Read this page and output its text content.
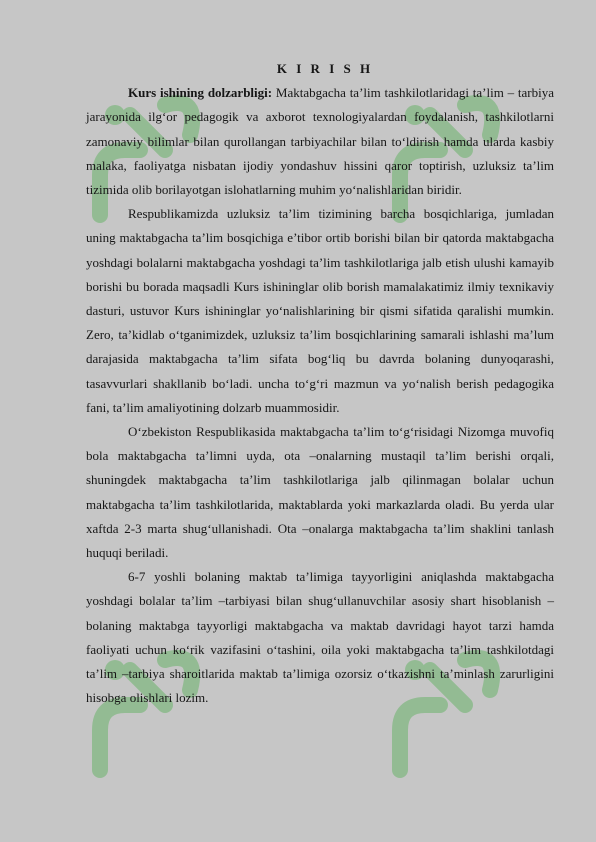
K I R I S H

Kurs ishining dolzarbligi: Maktabgacha ta’lim tashkilotlaridagi ta’lim – tarbiya jarayonida ilg‘or pedagogik va axborot texnologiyalardan foydalanish, tashkilotlarni zamonaviy bilimlar bilan qurollangan tarbiyachilar bilan to‘ldirish hamda ularda kasbiy malaka, faoliyatga nisbatan ijodiy yondashuv hissini qaror toptirish, uzluksiz ta’lim tizimida olib borilayotgan islohatlarning muhim yo‘nalishlaridan biridir.

Respublikamizda uzluksiz ta’lim tizimining barcha bosqichlariga, jumladan uning maktabgacha ta’lim bosqichiga e’tibor ortib borishi bilan bir qatorda maktabgacha yoshdagi bolalarni maktabgacha yoshdagi ta’lim tashkilotlariga jalb etish ulushi kamayib borishi bu borada maqsadli Kurs ishininglar olib borish mamalakatimiz ilmiy texnikaviy dasturi, ustuvor Kurs ishininglar yo‘nalishlarining bir qismi sifatida qaralishi mumkin. Zero, ta’kidlab o‘tganimizdek, uzluksiz ta’lim bosqichlarining samarali ishlashi ma’lum darajasida maktabgacha ta’lim sifata bog‘liq bu davrda bolaning dunyoqarashi, tasavvurlari shakllanib bo‘ladi. uncha to‘g‘ri mazmun va yo‘nalish berish pedagogika fani, ta’lim amaliyotining dolzarb muammosidir.

O‘zbekiston Respublikasida maktabgacha ta’lim to‘g‘risidagi Nizomga muvofiq bola maktabgacha ta’limni uyda, ota –onalarning mustaqil ta’lim berishi orqali, shuningdek maktabgacha ta’lim tashkilotlariga jalb qilinmagan bolalar uchun maktabgacha ta’lim tashkilotlarida, maktablarda yoki markazlarda oladi. Bu yerda ular xaftda 2-3 marta shug‘ullanishadi. Ota –onalarga maktabgacha ta’lim shaklini tanlash huquqi beriladi.

6-7 yoshli bolaning maktab ta’limiga tayyorligini aniqlashda maktabgacha yoshdagi bolalar ta’lim –tarbiyasi bilan shug‘ullanuvchilar asosiy shart hisoblanish – bolaning maktabga tayyorligi maktabgacha va maktab davridagi hayot tarzi hamda faoliyati uchun ko‘rik vazifasini o‘tashini, oila yoki maktabgacha ta’lim tashkilotdagi ta’lim –tarbiya sharoitlarida maktab ta’limiga ozorsiz o‘tkazishni ta’minlash zarurligini hisobga olishlari lozim.
